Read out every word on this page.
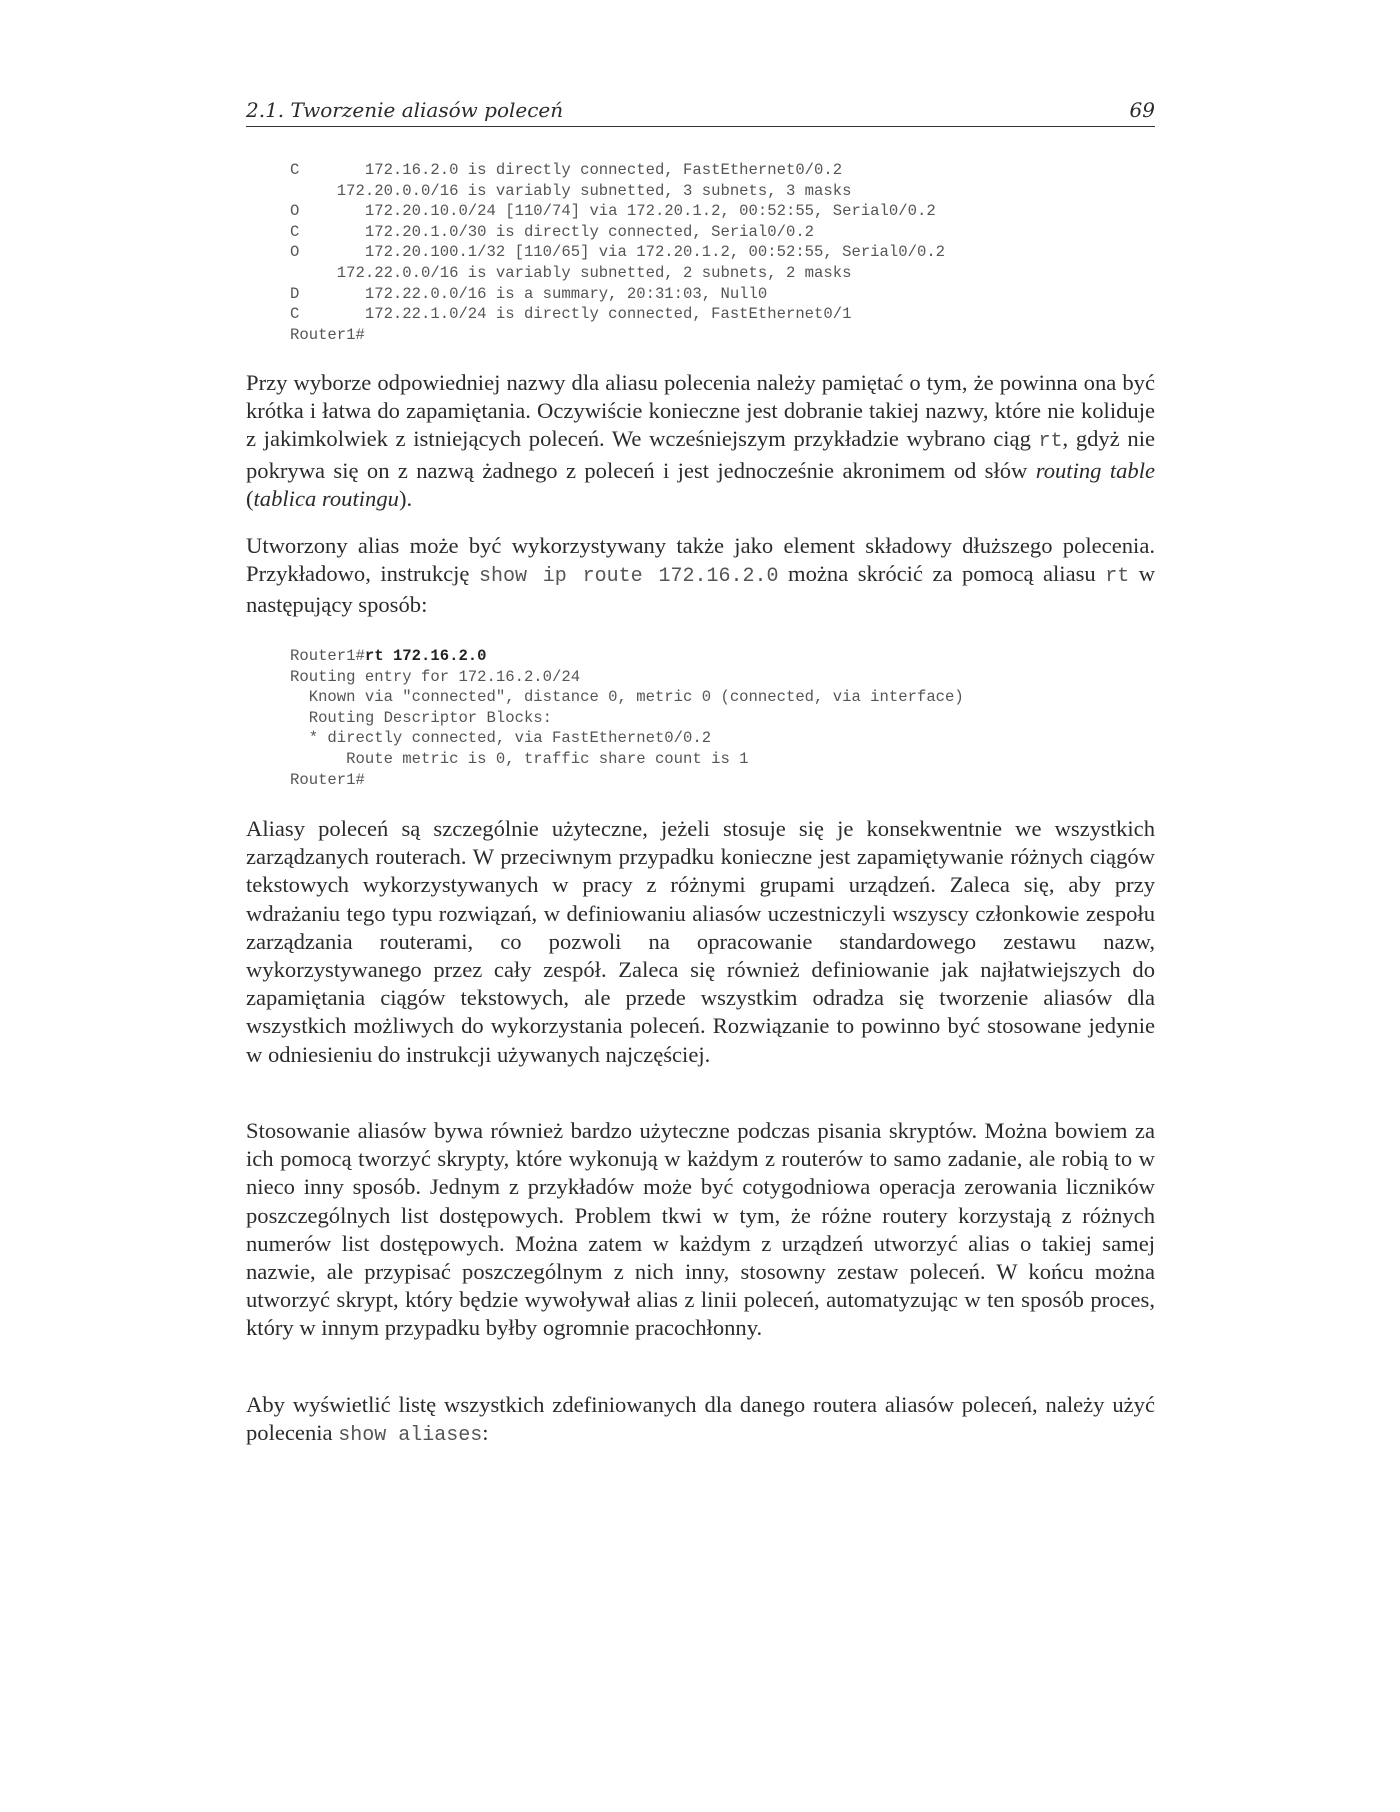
2.1. Tworzenie aliasów poleceń	69
C       172.16.2.0 is directly connected, FastEthernet0/0.2
172.20.0.0/16 is variably subnetted, 3 subnets, 3 masks
O       172.20.10.0/24 [110/74] via 172.20.1.2, 00:52:55, Serial0/0.2
C       172.20.1.0/30 is directly connected, Serial0/0.2
O       172.20.100.1/32 [110/65] via 172.20.1.2, 00:52:55, Serial0/0.2
172.22.0.0/16 is variably subnetted, 2 subnets, 2 masks
D       172.22.0.0/16 is a summary, 20:31:03, Null0
C       172.22.1.0/24 is directly connected, FastEthernet0/1
Router1#

Przy wyborze odpowiedniej nazwy dla aliasu polecenia należy pamiętać o tym, że powinna ona być krótka i łatwa do zapamiętania. Oczywiście konieczne jest dobranie takiej nazwy, które nie koliduje z jakimkolwiek z istniejących poleceń. We wcześniejszym przykładzie wybrano ciąg rt, gdyż nie pokrywa się on z nazwą żadnego z poleceń i jest jednocześnie akronimem od słów routing table (tablica routingu).

Utworzony alias może być wykorzystywany także jako element składowy dłuższego polecenia. Przykładowo, instrukcję show ip route 172.16.2.0 można skrócić za pomocą aliasu rt w następujący sposób:

Router1#rt 172.16.2.0
Routing entry for 172.16.2.0/24
Known via "connected", distance 0, metric 0 (connected, via interface)
Routing Descriptor Blocks:
* directly connected, via FastEthernet0/0.2
Route metric is 0, traffic share count is 1
Router1#

Aliasy poleceń są szczególnie użyteczne, jeżeli stosuje się je konsekwentnie we wszystkich zarządzanych routerach. W przeciwnym przypadku konieczne jest zapamiętywanie różnych ciągów tekstowych wykorzystywanych w pracy z różnymi grupami urządzeń. Zaleca się, aby przy wdrażaniu tego typu rozwiązań, w definiowaniu aliasów uczestniczyli wszyscy członkowie zespołu zarządzania routerami, co pozwoli na opracowanie standardowego zestawu nazw, wykorzystywanego przez cały zespół. Zaleca się również definiowanie jak najłatwiejszych do zapamiętania ciągów tekstowych, ale przede wszystkim odradza się tworzenie aliasów dla wszystkich możliwych do wykorzystania poleceń. Rozwiązanie to powinno być stosowane jedynie w odniesieniu do instrukcji używanych najczęściej.

Stosowanie aliasów bywa również bardzo użyteczne podczas pisania skryptów. Można bowiem za ich pomocą tworzyć skrypty, które wykonują w każdym z routerów to samo zadanie, ale robią to w nieco inny sposób. Jednym z przykładów może być cotygodniowa operacja zerowania liczników poszczególnych list dostępowych. Problem tkwi w tym, że różne routery korzystają z różnych numerów list dostępowych. Można zatem w każdym z urządzeń utworzyć alias o takiej samej nazwie, ale przypisać poszczególnym z nich inny, stosowny zestaw poleceń. W końcu można utworzyć skrypt, który będzie wywoływał alias z linii poleceń, automatyzując w ten sposób proces, który w innym przypadku byłby ogromnie pracochłonny.

Aby wyświetlić listę wszystkich zdefiniowanych dla danego routera aliasów poleceń, należy użyć polecenia show aliases:
